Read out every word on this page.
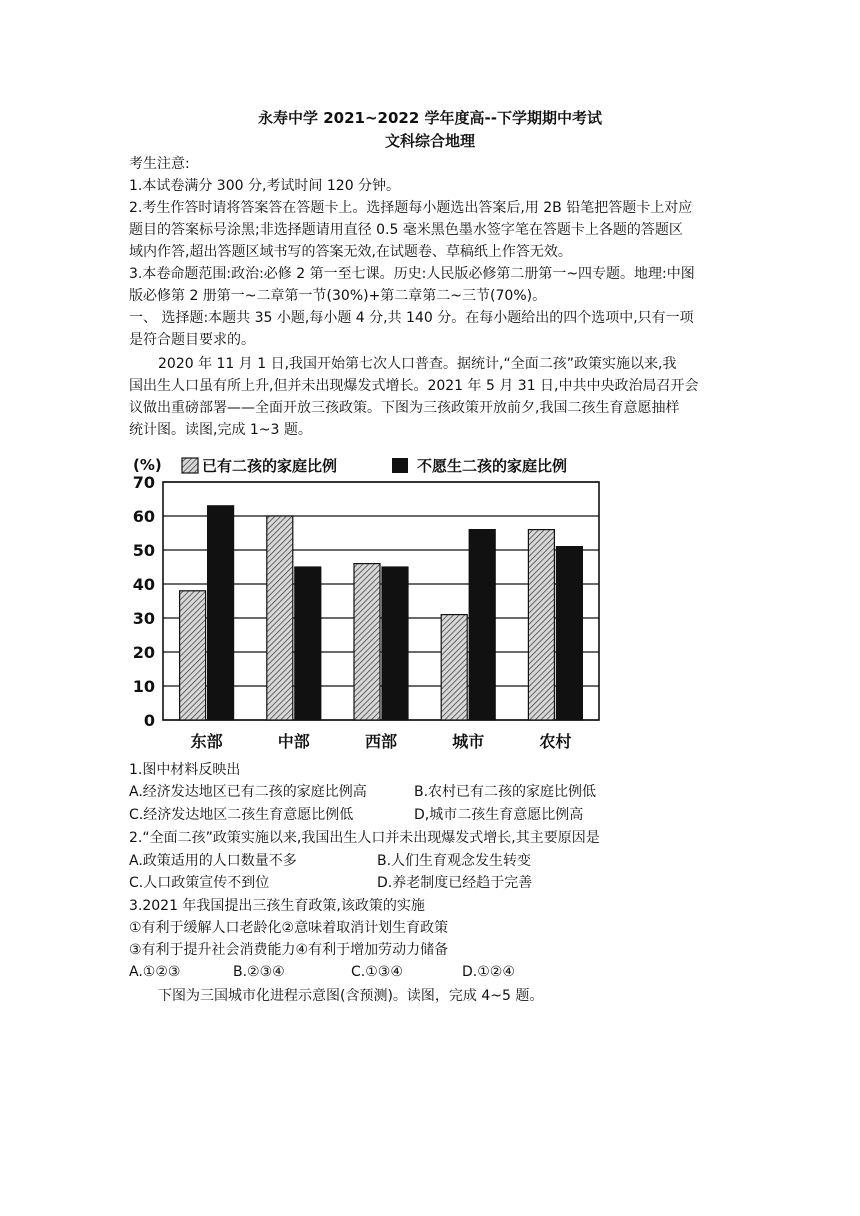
永寿中学 2021~2022 学年度高--下学期期中考试
文科综合地理
考生注意:
1.本试卷满分 300 分,考试时间 120 分钟。
2.考生作答时请将答案答在答题卡上。选择题每小题选出答案后,用 2B 铅笔把答题卡上对应
题目的答案标号涂黑;非选择题请用直径 0.5 毫米黑色墨水签字笔在答题卡上各题的答题区
域内作答,超出答题区域书写的答案无效,在试题卷、草稿纸上作答无效。
3.本卷命题范围:政治:必修 2 第一至七课。历史:人民版必修第二册第一~四专题。地理:中图
版必修第 2 册第一~二章第一节(30%)+第二章第二~三节(70%)。
一、 选择题:本题共 35 小题,每小题 4 分,共 140 分。在每小题给出的四个选项中,只有一项
是符合题目要求的。
2020 年 11 月 1 日,我国开始第七次人口普查。据统计,“全面二孩”政策实施以来,我
国出生人口虽有所上升,但并未出现爆发式增长。2021 年 5 月 31 日,中共中央政治局召开会
议做出重磅部署——全面开放三孩政策。下图为三孩政策开放前夕,我国二孩生育意愿抽样
统计图。读图,完成 1~3 题。
(%)	已有二孩的家庭比例	不愿生二孩的家庭比例
0
10
20
30
40
50
60
70
东部	中部	西部	城市	农村
1.图中材料反映出
A.经济发达地区已有二孩的家庭比例高	B.农村已有二孩的家庭比例低
C.经济发达地区二孩生育意愿比例低	D,城市二孩生育意愿比例高
2.“全面二孩”政策实施以来,我国出生人口并未出现爆发式增长,其主要原因是
A.政策适用的人口数量不多	B.人们生育观念发生转变
C.人口政策宣传不到位	D.养老制度已经趋于完善
3.2021 年我国提出三孩生育政策,该政策的实施
①有利于缓解人口老龄化②意味着取消计划生育政策
③有利于提升社会消费能力④有利于增加劳动力储备
A.①②③	B.②③④	C.①③④	D.①②④
下图为三国城市化进程示意图(含预测)。读图，完成 4~5 题。
